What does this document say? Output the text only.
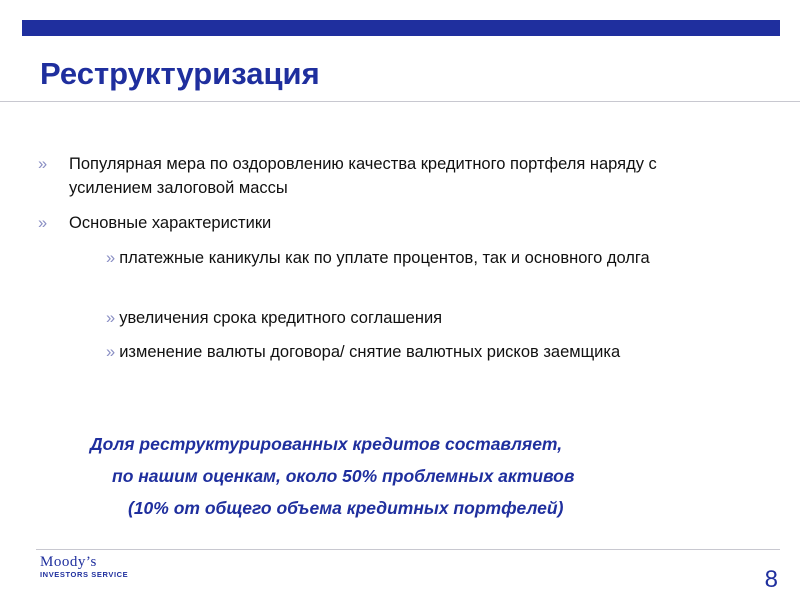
Реструктуризация
» Популярная мера по оздоровлению качества кредитного портфеля наряду с усилением залоговой массы
» Основные характеристики
» платежные каникулы как по уплате процентов, так и основного долга
» увеличения срока кредитного соглашения
» изменение валюты договора/ снятие валютных рисков заемщика
Доля реструктурированных кредитов составляет,
по нашим оценкам, около 50% проблемных активов
(10% от общего объема кредитных портфелей)
Moody’s
INVESTORS SERVICE	8
